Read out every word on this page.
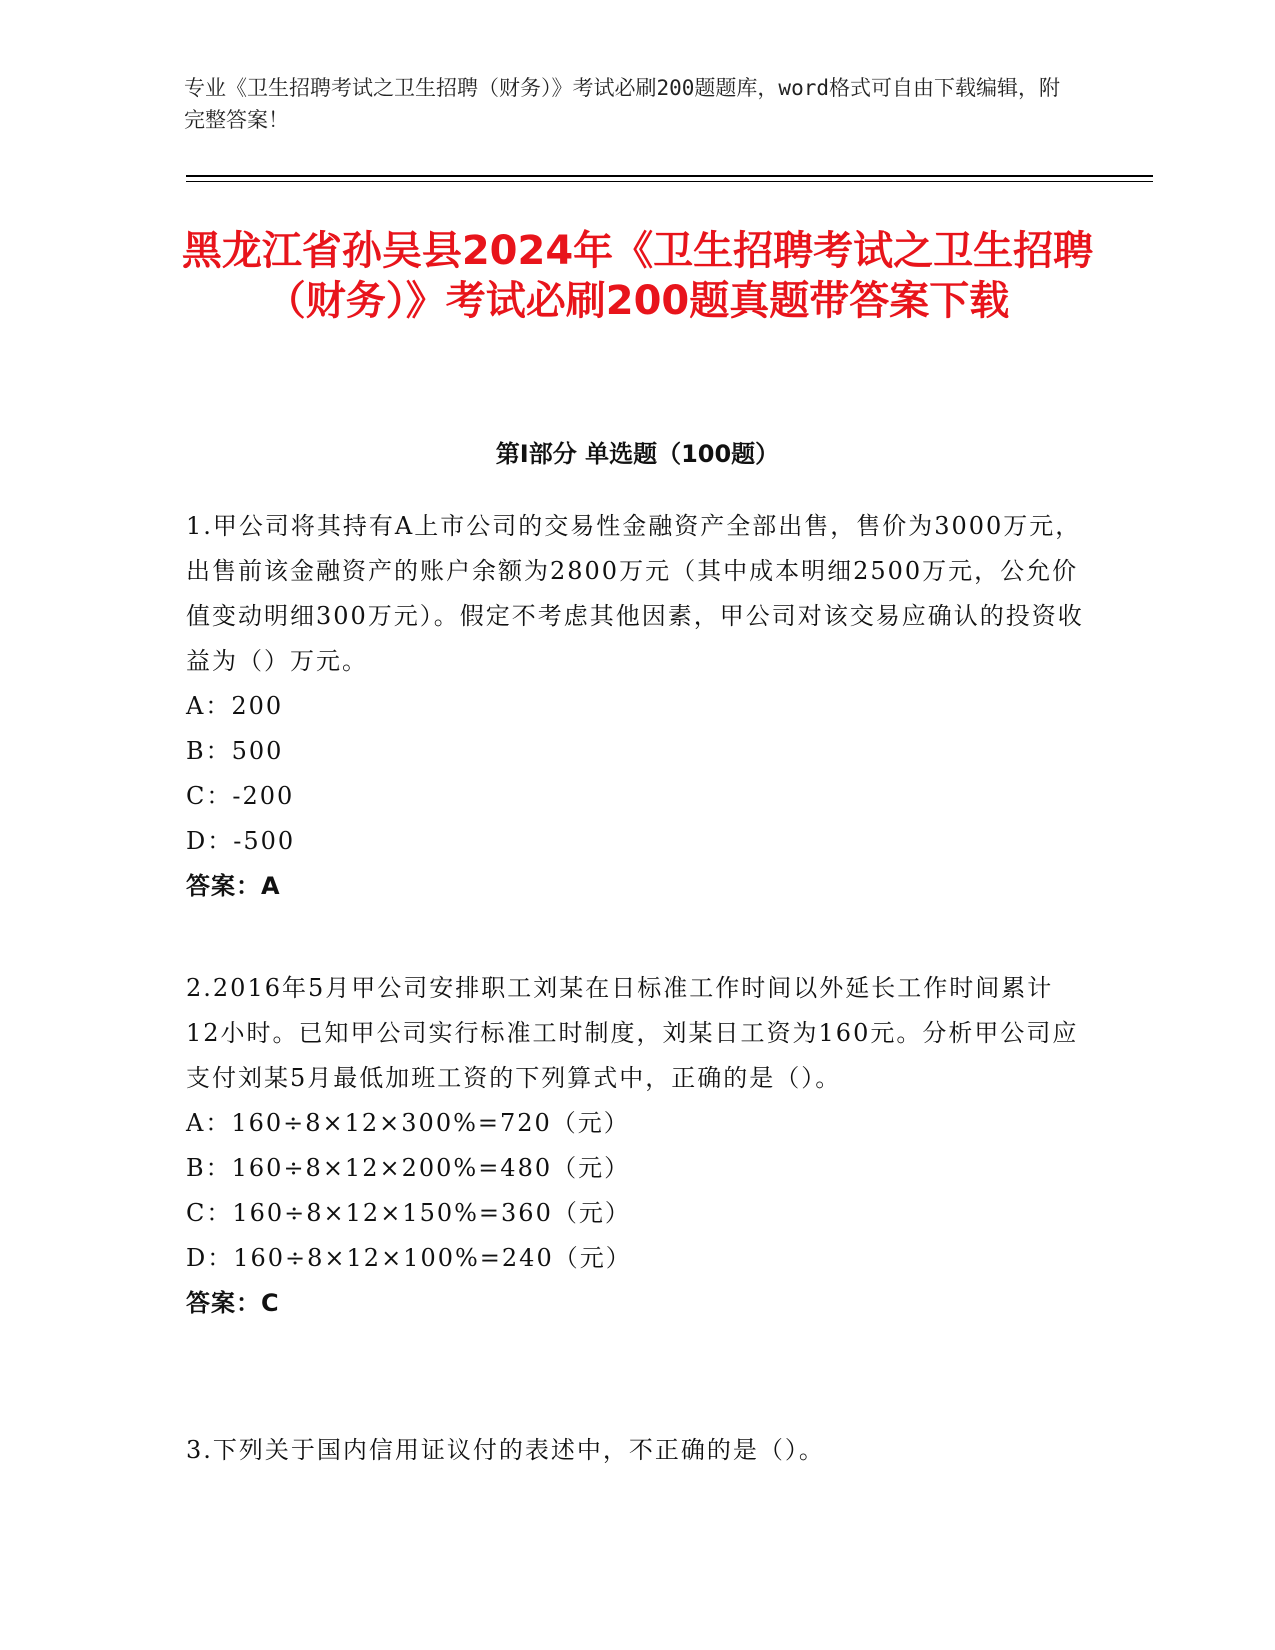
专业《卫生招聘考试之卫生招聘（财务）》考试必刷200题题库，word格式可自由下载编辑，附完整答案！
黑龙江省孙吴县2024年《卫生招聘考试之卫生招聘（财务）》考试必刷200题真题带答案下载
第Ⅰ部分 单选题（100题）
1.甲公司将其持有A上市公司的交易性金融资产全部出售，售价为3000万元，出售前该金融资产的账户余额为2800万元（其中成本明细2500万元，公允价值变动明细300万元）。假定不考虑其他因素，甲公司对该交易应确认的投资收益为（）万元。
A：200
B：500
C：-200
D：-500
答案：A
2.2016年5月甲公司安排职工刘某在日标准工作时间以外延长工作时间累计12小时。已知甲公司实行标准工时制度，刘某日工资为160元。分析甲公司应支付刘某5月最低加班工资的下列算式中，正确的是（）。
A：160÷8×12×300%=720（元）
B：160÷8×12×200%=480（元）
C：160÷8×12×150%=360（元）
D：160÷8×12×100%=240（元）
答案：C
3.下列关于国内信用证议付的表述中，不正确的是（）。
